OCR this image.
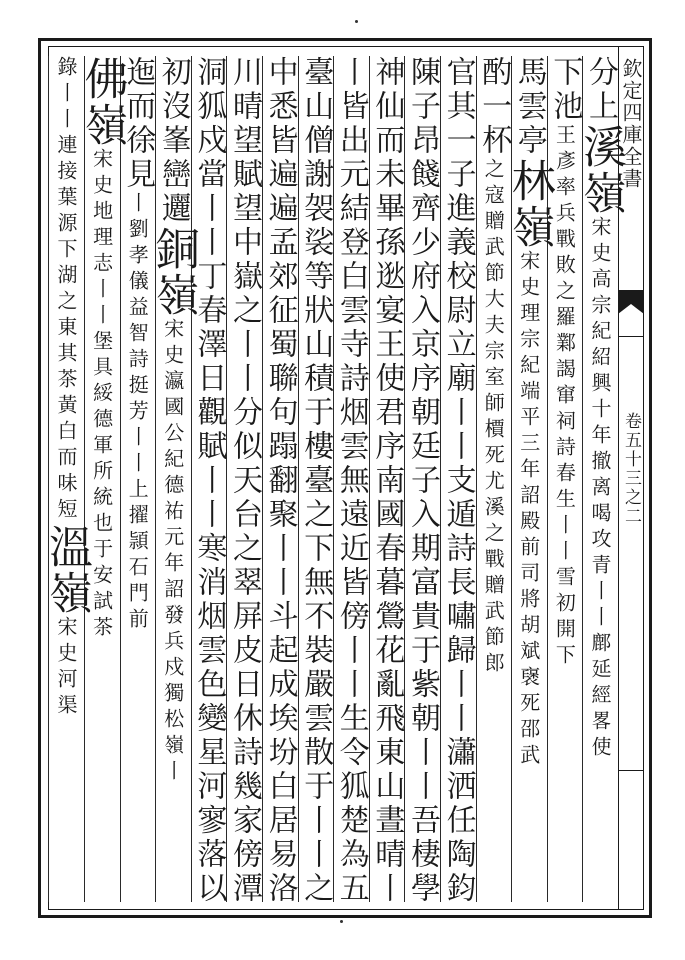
欽定四庫全書
卷五十三之二
分上溪嶺宋史高宗紀紹興十年撤离喝攻青丨丨鄜延經畧使
下池王彥率兵戰敗之羅鄴謁窜祠詩春生丨丨雪初開下
馬雲亭林嶺宋史理宗紀端平三年詔殿前司將胡斌襃死邵武
酌一杯之寇贈武節大夫宗室師檟死尤溪之戰贈武節郎
官其一子進義校尉立廟丨丨支遁詩長嘯歸丨丨瀟洒任陶鈞
陳子昂餞齊少府入京序朝廷子入期富貴于紫朝丨丨吾棲學
神仙而未畢孫逖宴王使君序南國春暮鶯花亂飛東山晝晴丨
丨皆出元結登白雲寺詩烟雲無遠近皆傍丨丨生令狐楚為五
臺山僧謝袈裟等狀山積于樓臺之下無不裝嚴雲散于丨丨之
中悉皆遍遍孟郊征蜀聯句蹋翻聚丨丨斗起成埃坋白居易洛
川晴望賦望中嶽之丨丨分似天台之翠屏皮日休詩幾家傍潭
洞狐戍當丨丨丁春澤日觀賦丨丨寒消烟雲色變星河寥落以
初沒峯巒邐銅嶺宋史瀛國公紀德祐元年詔發兵戍獨松嶺丨
迤而徐見丨劉孝儀益智詩挺芳丨丨上擢頴石門前
佛嶺宋史地理志丨丨堡具綏德軍所統也于安試茶
錄丨丨連接葉源下湖之東其茶黃白而味短溫嶺宋史河渠
